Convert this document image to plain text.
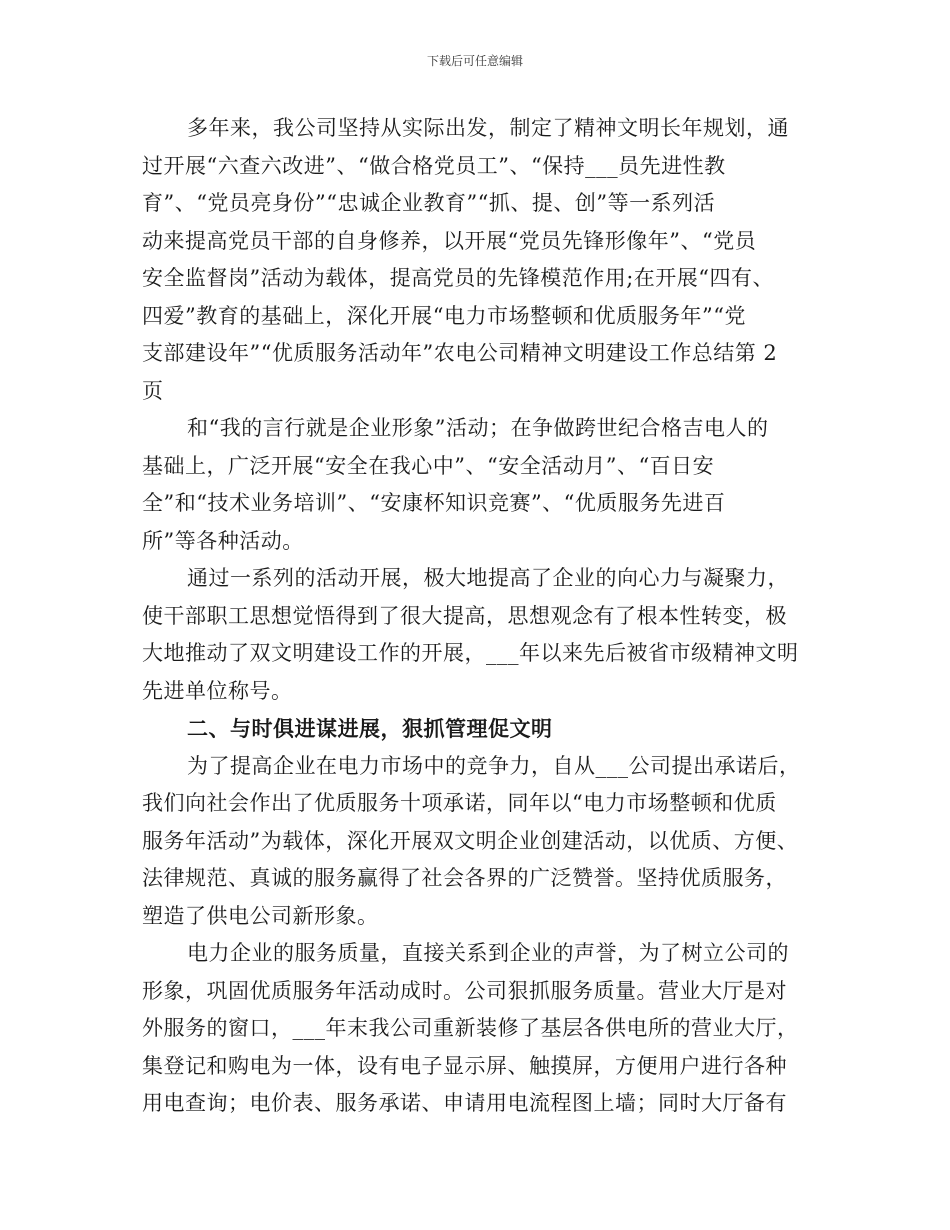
下载后可任意编辑
多年来，我公司坚持从实际出发，制定了精神文明长年规划，通
过开展“六查六改进”、“做合格党员工”、“保持___员先进性教
育”、“党员亮身份”“忠诚企业教育”“抓、提、创”等一系列活
动来提高党员干部的自身修养，以开展“党员先锋形像年”、“党员
安全监督岗”活动为载体，提高党员的先锋模范作用;在开展“四有、
四爱”教育的基础上，深化开展“电力市场整顿和优质服务年”“党
支部建设年”“优质服务活动年”农电公司精神文明建设工作总结第 2
页
和“我的言行就是企业形象”活动；在争做跨世纪合格吉电人的
基础上，广泛开展“安全在我心中”、“安全活动月”、“百日安
全”和“技术业务培训”、“安康杯知识竞赛”、“优质服务先进百
所”等各种活动。
通过一系列的活动开展，极大地提高了企业的向心力与凝聚力，
使干部职工思想觉悟得到了很大提高，思想观念有了根本性转变，极
大地推动了双文明建设工作的开展，___年以来先后被省市级精神文明
先进单位称号。
二、与时俱进谋进展，狠抓管理促文明
为了提高企业在电力市场中的竞争力，自从___公司提出承诺后，
我们向社会作出了优质服务十项承诺，同年以“电力市场整顿和优质
服务年活动”为载体，深化开展双文明企业创建活动，以优质、方便、
法律规范、真诚的服务赢得了社会各界的广泛赞誉。坚持优质服务，
塑造了供电公司新形象。
电力企业的服务质量，直接关系到企业的声誉，为了树立公司的
形象，巩固优质服务年活动成时。公司狠抓服务质量。营业大厅是对
外服务的窗口，___年末我公司重新装修了基层各供电所的营业大厅，
集登记和购电为一体，设有电子显示屏、触摸屏，方便用户进行各种
用电查询；电价表、服务承诺、申请用电流程图上墙；同时大厅备有
